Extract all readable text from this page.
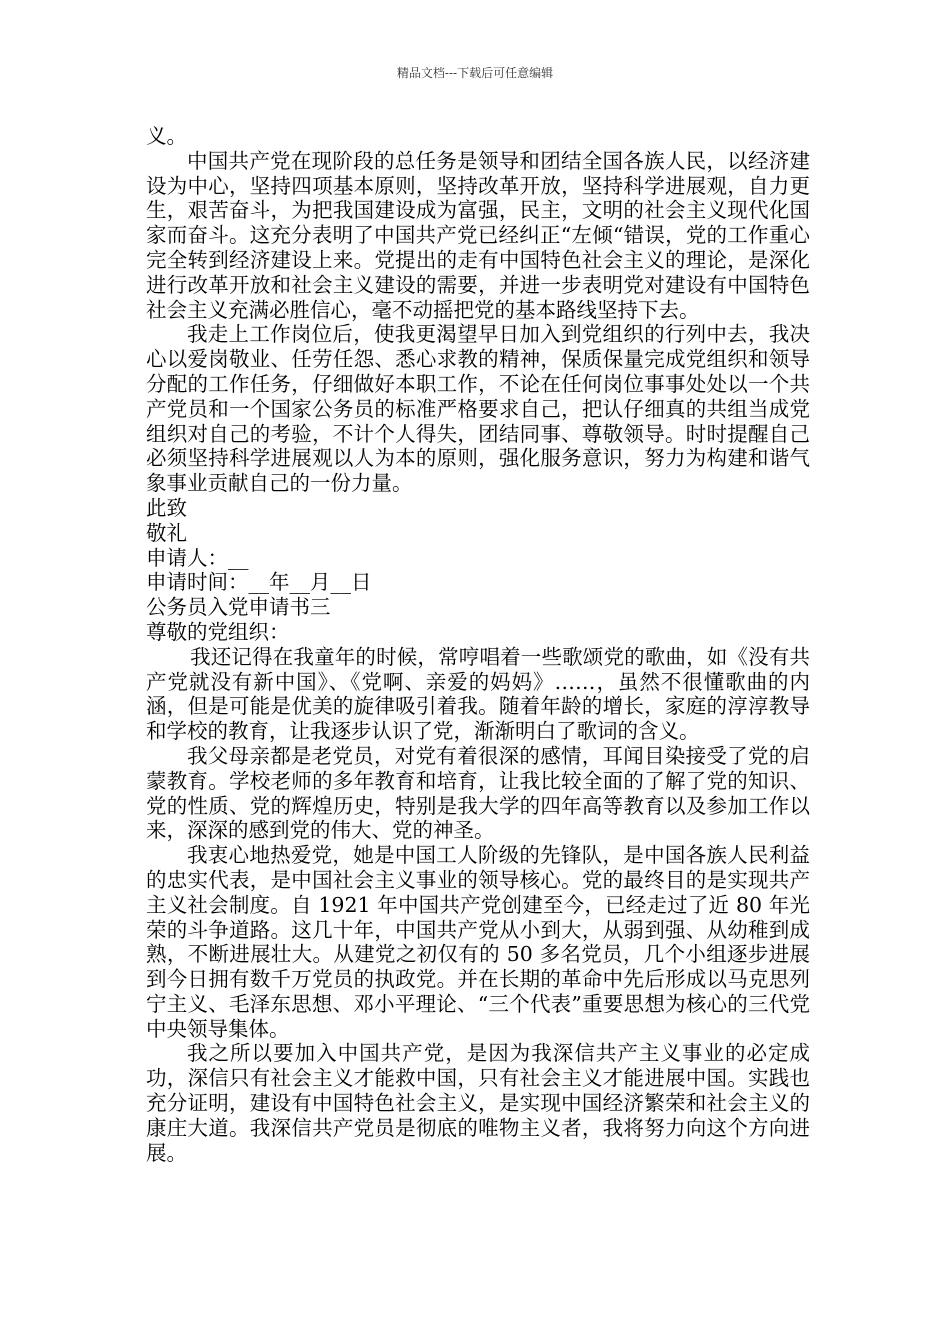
精品文档---下载后可任意编辑

义。

中国共产党在现阶段的总任务是领导和团结全国各族人民，以经济建设为中心，坚持四项基本原则，坚持改革开放，坚持科学进展观，自力更生，艰苦奋斗，为把我国建设成为富强，民主，文明的社会主义现代化国家而奋斗。这充分表明了中国共产党已经纠正“左倾“错误，党的工作重心完全转到经济建设上来。党提出的走有中国特色社会主义的理论，是深化进行改革开放和社会主义建设的需要，并进一步表明党对建设有中国特色社会主义充满必胜信心，毫不动摇把党的基本路线坚持下去。

我走上工作岗位后，使我更渴望早日加入到党组织的行列中去，我决心以爱岗敬业、任劳任怨、悉心求教的精神，保质保量完成党组织和领导分配的工作任务，仔细做好本职工作，不论在任何岗位事事处处以一个共产党员和一个国家公务员的标准严格要求自己，把认仔细真的共组当成党组织对自己的考验，不计个人得失，团结同事、尊敬领导。时时提醒自己必须坚持科学进展观以人为本的原则，强化服务意识，努力为构建和谐气象事业贡献自己的一份力量。

此致

敬礼

申请人：__

申请时间：__年__月__日

公务员入党申请书三

尊敬的党组织：

我还记得在我童年的时候，常哼唱着一些歌颂党的歌曲，如《没有共产党就没有新中国》、《党啊、亲爱的妈妈》……，虽然不很懂歌曲的内涵，但是可能是优美的旋律吸引着我。随着年龄的增长，家庭的淳淳教导和学校的教育，让我逐步认识了党，渐渐明白了歌词的含义。

我父母亲都是老党员，对党有着很深的感情，耳闻目染接受了党的启蒙教育。学校老师的多年教育和培育，让我比较全面的了解了党的知识、党的性质、党的辉煌历史，特别是我大学的四年高等教育以及参加工作以来，深深的感到党的伟大、党的神圣。

我衷心地热爱党，她是中国工人阶级的先锋队，是中国各族人民利益的忠实代表，是中国社会主义事业的领导核心。党的最终目的是实现共产主义社会制度。自 1921 年中国共产党创建至今，已经走过了近 80 年光荣的斗争道路。这几十年，中国共产党从小到大，从弱到强、从幼稚到成熟，不断进展壮大。从建党之初仅有的 50 多名党员，几个小组逐步进展到今日拥有数千万党员的执政党。并在长期的革命中先后形成以马克思列宁主义、毛泽东思想、邓小平理论、“三个代表”重要思想为核心的三代党中央领导集体。

我之所以要加入中国共产党，是因为我深信共产主义事业的必定成功，深信只有社会主义才能救中国，只有社会主义才能进展中国。实践也充分证明，建设有中国特色社会主义，是实现中国经济繁荣和社会主义的康庄大道。我深信共产党员是彻底的唯物主义者，我将努力向这个方向进展。
